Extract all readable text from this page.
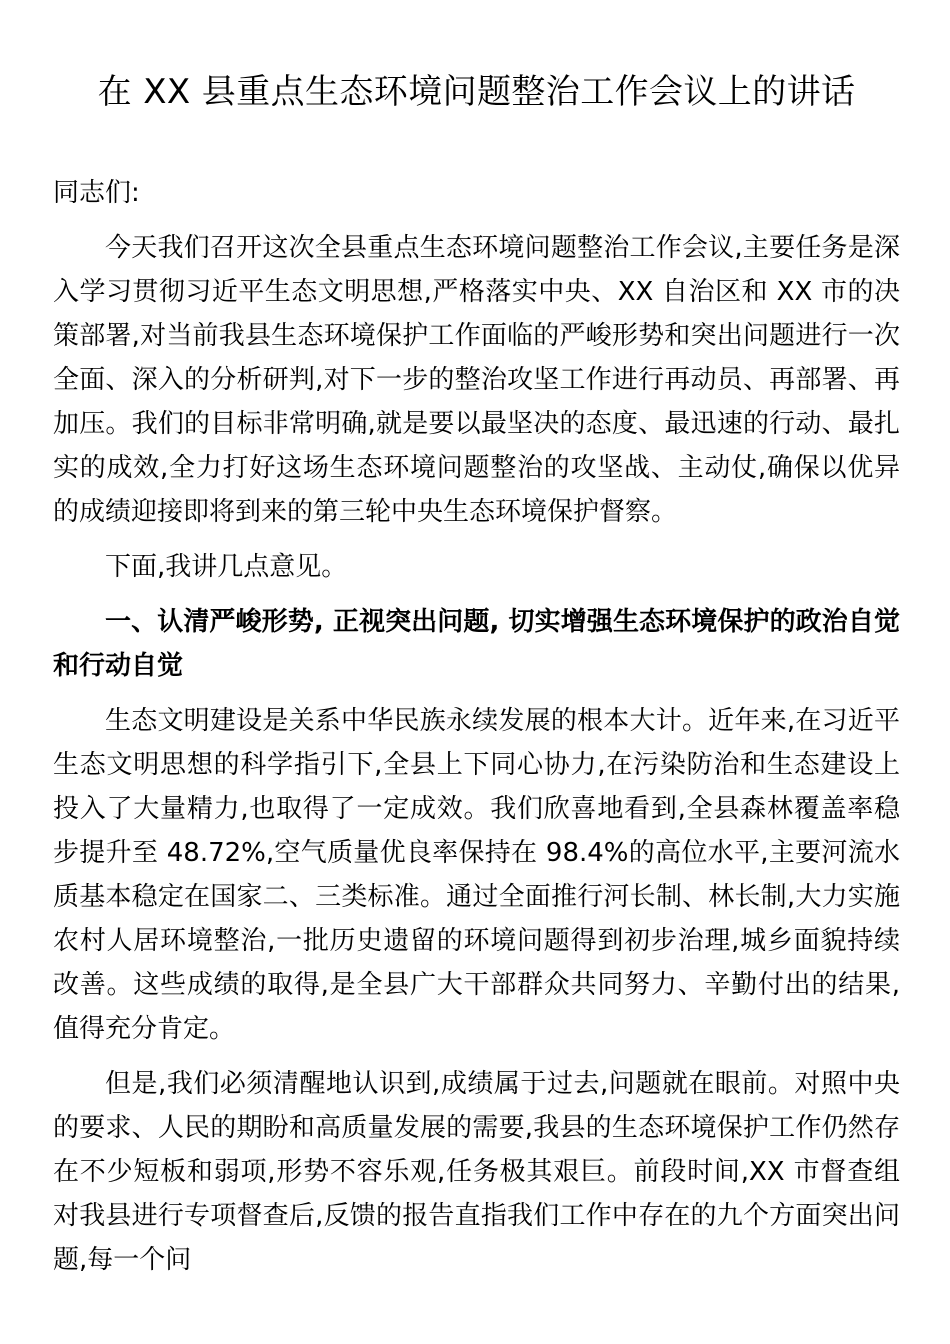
在 XX 县重点生态环境问题整治工作会议上的讲话

同志们:

今天我们召开这次全县重点生态环境问题整治工作会议,主要任务是深入学习贯彻习近平生态文明思想,严格落实中央、XX 自治区和 XX 市的决策部署,对当前我县生态环境保护工作面临的严峻形势和突出问题进行一次全面、深入的分析研判,对下一步的整治攻坚工作进行再动员、再部署、再加压。我们的目标非常明确,就是要以最坚决的态度、最迅速的行动、最扎实的成效,全力打好这场生态环境问题整治的攻坚战、主动仗,确保以优异的成绩迎接即将到来的第三轮中央生态环境保护督察。

下面,我讲几点意见。

一、认清严峻形势, 正视突出问题, 切实增强生态环境保护的政治自觉和行动自觉

生态文明建设是关系中华民族永续发展的根本大计。近年来,在习近平生态文明思想的科学指引下,全县上下同心协力,在污染防治和生态建设上投入了大量精力,也取得了一定成效。我们欣喜地看到,全县森林覆盖率稳步提升至 48.72%,空气质量优良率保持在 98.4%的高位水平,主要河流水质基本稳定在国家二、三类标准。通过全面推行河长制、林长制,大力实施农村人居环境整治,一批历史遗留的环境问题得到初步治理,城乡面貌持续改善。这些成绩的取得,是全县广大干部群众共同努力、辛勤付出的结果,值得充分肯定。

但是,我们必须清醒地认识到,成绩属于过去,问题就在眼前。对照中央的要求、人民的期盼和高质量发展的需要,我县的生态环境保护工作仍然存在不少短板和弱项,形势不容乐观,任务极其艰巨。前段时间,XX 市督查组对我县进行专项督查后,反馈的报告直指我们工作中存在的九个方面突出问题,每一个问
